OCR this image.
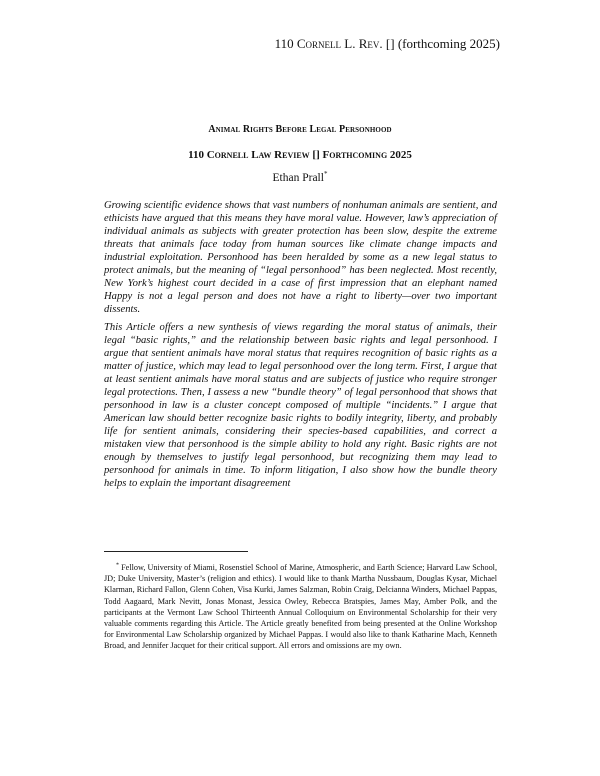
110 Cornell L. Rev. [] (forthcoming 2025)
Animal Rights Before Legal Personhood
110 Cornell Law Review [] Forthcoming 2025
Ethan Prall*

Growing scientific evidence shows that vast numbers of nonhuman animals are sentient, and ethicists have argued that this means they have moral value. However, law’s appreciation of individual animals as subjects with greater protection has been slow, despite the extreme threats that animals face today from human sources like climate change impacts and industrial exploitation. Personhood has been heralded by some as a new legal status to protect animals, but the meaning of “legal personhood” has been neglected. Most recently, New York’s highest court decided in a case of first impression that an elephant named Happy is not a legal person and does not have a right to liberty—over two important dissents.

This Article offers a new synthesis of views regarding the moral status of animals, their legal “basic rights,” and the relationship between basic rights and legal personhood. I argue that sentient animals have moral status that requires recognition of basic rights as a matter of justice, which may lead to legal personhood over the long term. First, I argue that at least sentient animals have moral status and are subjects of justice who require stronger legal protections. Then, I assess a new “bundle theory” of legal personhood that shows that personhood in law is a cluster concept composed of multiple “incidents.” I argue that American law should better recognize basic rights to bodily integrity, liberty, and probably life for sentient animals, considering their species-based capabilities, and correct a mistaken view that personhood is the simple ability to hold any right. Basic rights are not enough by themselves to justify legal personhood, but recognizing them may lead to personhood for animals in time. To inform litigation, I also show how the bundle theory helps to explain the important disagreement

* Fellow, University of Miami, Rosenstiel School of Marine, Atmospheric, and Earth Science; Harvard Law School, JD; Duke University, Master’s (religion and ethics). I would like to thank Martha Nussbaum, Douglas Kysar, Michael Klarman, Richard Fallon, Glenn Cohen, Visa Kurki, James Salzman, Robin Craig, Delcianna Winders, Michael Pappas, Todd Aagaard, Mark Nevitt, Jonas Monast, Jessica Owley, Rebecca Bratspies, James May, Amber Polk, and the participants at the Vermont Law School Thirteenth Annual Colloquium on Environmental Scholarship for their very valuable comments regarding this Article. The Article greatly benefited from being presented at the Online Workshop for Environmental Law Scholarship organized by Michael Pappas. I would also like to thank Katharine Mach, Kenneth Broad, and Jennifer Jacquet for their critical support. All errors and omissions are my own.
